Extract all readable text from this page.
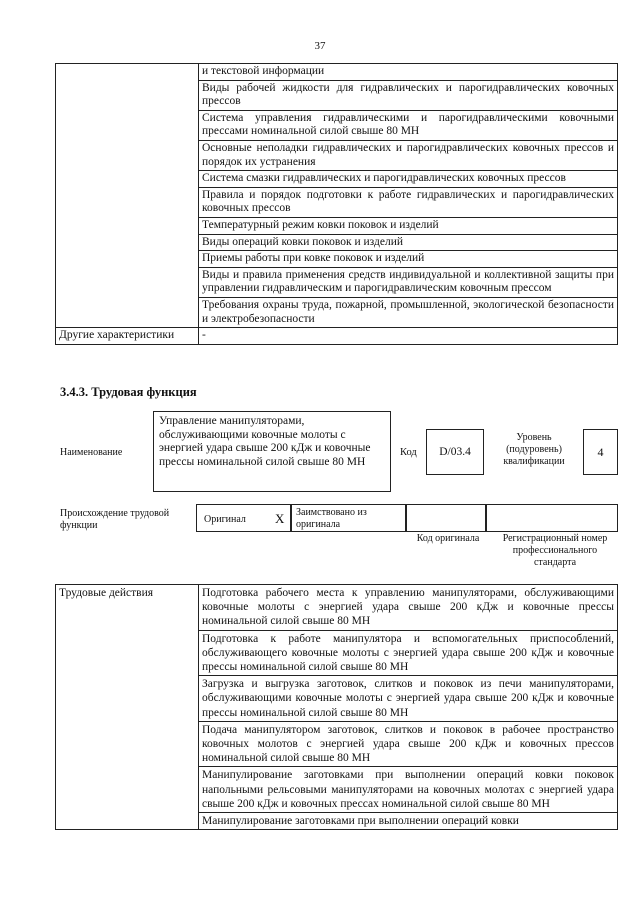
37
	и текстовой информации
	Виды рабочей жидкости для гидравлических и парогидравлических ковочных прессов
	Система управления гидравлическими и парогидравлическими ковочными прессами номинальной силой свыше 80 МН
	Основные неполадки гидравлических и парогидравлических ковочных прессов и порядок их устранения
	Система смазки гидравлических и парогидравлических ковочных прессов
	Правила и порядок подготовки к работе гидравлических и парогидравлических ковочных прессов
	Температурный режим ковки поковок и изделий
	Виды операций ковки поковок и изделий
	Приемы работы при ковке поковок и изделий
	Виды и правила применения средств индивидуальной и коллективной защиты при управлении гидравлическим и парогидравлическим ковочным прессом
	Требования охраны труда, пожарной, промышленной, экологической безопасности и электробезопасности
Другие характеристики	-
3.4.3. Трудовая функция
Наименование
Управление манипуляторами, обслуживающими ковочные молоты с энергией удара свыше 200 кДж и ковочные прессы номинальной силой свыше 80 МН
Код	D/03.4
Уровень (подуровень) квалификации
4
Происхождение трудовой функции
Оригинал X Заимствовано из оригинала
Код оригинала	Регистрационный номер профессионального стандарта
Трудовые действия	Подготовка рабочего места к управлению манипуляторами, обслуживающими ковочные молоты с энергией удара свыше 200 кДж и ковочные прессы номинальной силой свыше 80 МН
Подготовка к работе манипулятора и вспомогательных приспособлений, обслуживающего ковочные молоты с энергией удара свыше 200 кДж и ковочные прессы номинальной силой свыше 80 МН
Загрузка и выгрузка заготовок, слитков и поковок из печи манипуляторами, обслуживающими ковочные молоты с энергией удара свыше 200 кДж и ковочные прессы номинальной силой свыше 80 МН
Подача манипулятором заготовок, слитков и поковок в рабочее пространство ковочных молотов с энергией удара свыше 200 кДж и ковочных прессов номинальной силой свыше 80 МН
Манипулирование заготовками при выполнении операций ковки поковок напольными рельсовыми манипуляторами на ковочных молотах с энергией удара свыше 200 кДж и ковочных прессах номинальной силой свыше 80 МН
Манипулирование заготовками при выполнении операций ковки
